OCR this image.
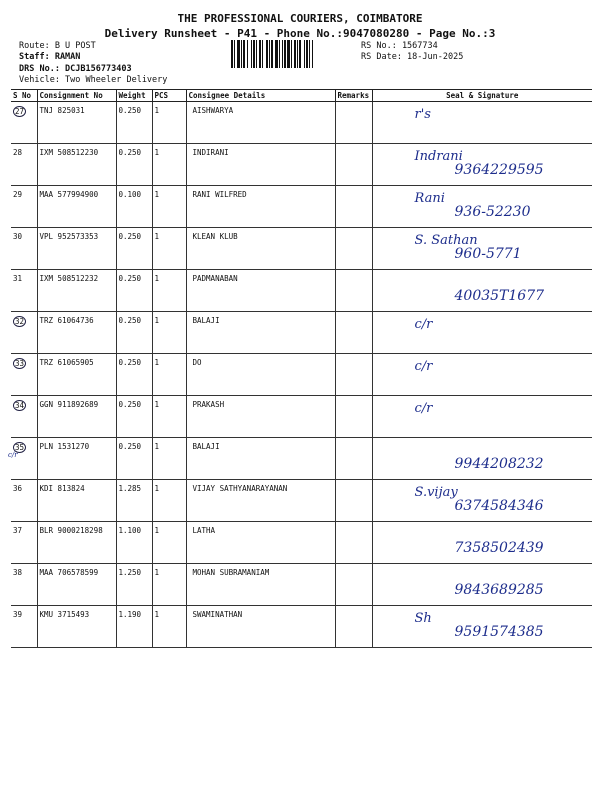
THE PROFESSIONAL COURIERS, COIMBATORE
Delivery Runsheet - P41 - Phone No.:9047080280 - Page No.:3
Route: B U POST
Staff: RAMAN
DRS No.: DCJB156773403
Vehicle: Two Wheeler Delivery
RS No.: 1567734
RS Date: 18-Jun-2025
S No	Consignment No	Weight	PCS	Consignee Details	Remarks	Seal & Signature
27	TNJ 825031	0.250	1	AISHWARYA		r's

28	IXM 508512230	0.250	1	INDIRANI		Indrani
9364229595

29	MAA 577994900	0.100	1	RANI WILFRED		Rani
936-52230

30	VPL 952573353	0.250	1	KLEAN KLUB		S. Sathan
960-5771

31	IXM 508512232	0.250	1	PADMANABAN		40035T1677

32	TRZ 61064736	0.250	1	BALAJI		c/r

33	TRZ 61065905	0.250	1	DO		c/r

34	GGN 911892689	0.250	1	PRAKASH		c/r

35	PLN 1531270	0.250	1	BALAJI		9944208232

36	KDI 813824	1.285	1	VIJAY SATHYANARAYANAN		S.vijay
6374584346

37	BLR 9000218298	1.100	1	LATHA		7358502439

38	MAA 706578599	1.250	1	MOHAN SUBRAMANIAM		9843689285

39	KMU 3715493	1.190	1	SWAMINATHAN		Sh
9591574385
c/r
